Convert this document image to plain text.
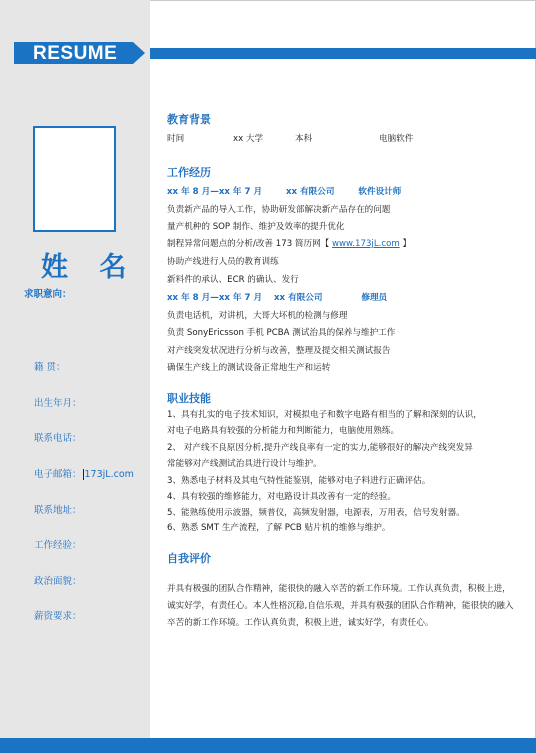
RESUME
姓 名
求职意向：
籍 贯：
出生年月：
联系电话：
电子邮箱： 173jL.com
联系地址：
工作经验：
政治面貌：
薪资要求：
教育背景
时间	xx 大学	本科	电脑软件
工作经历
xx 年 8 月—xx 年 7 月        xx 有限公司        软件设计师
负责新产品的导入工作，协助研发部解决新产品存在的问题
量产机种的 SOP 制作、维护及效率的提升优化
制程异常问题点的分析/改善 173 简历网【 www.173jL.com 】
协助产线进行人员的教育训练
新料件的承认、ECR 的确认、发行
xx 年 8 月—xx 年 7 月    xx 有限公司             修理员
负责电话机，对讲机，大哥大坏机的检测与修理
负责 SonyEricsson 手机 PCBA 测试治具的保养与维护工作
对产线突发状况进行分析与改善，整理及提交相关测试报告
确保生产线上的测试设备正常地生产和运转
职业技能
1、具有扎实的电子技术知识，对模拟电子和数字电路有相当的了解和深刻的认识，
对电子电路具有较强的分析能力和判断能力，电脑使用熟练。
2、 对产线不良原因分析,提升产线良率有一定的实力,能够很好的解决产线突发异
常能够对产线测试治具进行设计与维护。
3、熟悉电子材料及其电气特性能鉴别，能够对电子料进行正确评估。
4、具有较强的维修能力，对电路设计具改善有一定的经验。
5、能熟练使用示波器，频普仪，高频发射器，电源表，万用表，信号发射器。
6、熟悉 SMT 生产流程，了解 PCB 贴片机的维修与维护。
自我评价
并具有极强的团队合作精神，能很快的融入卒苦的新工作环境。工作认真负责，积极上进，诚实好学，有责任心。本人性格沉稳,自信乐观，并具有极强的团队合作精神，能很快的融入卒苦的新工作环境。工作认真负责，积极上进，诚实好学，有责任心。
